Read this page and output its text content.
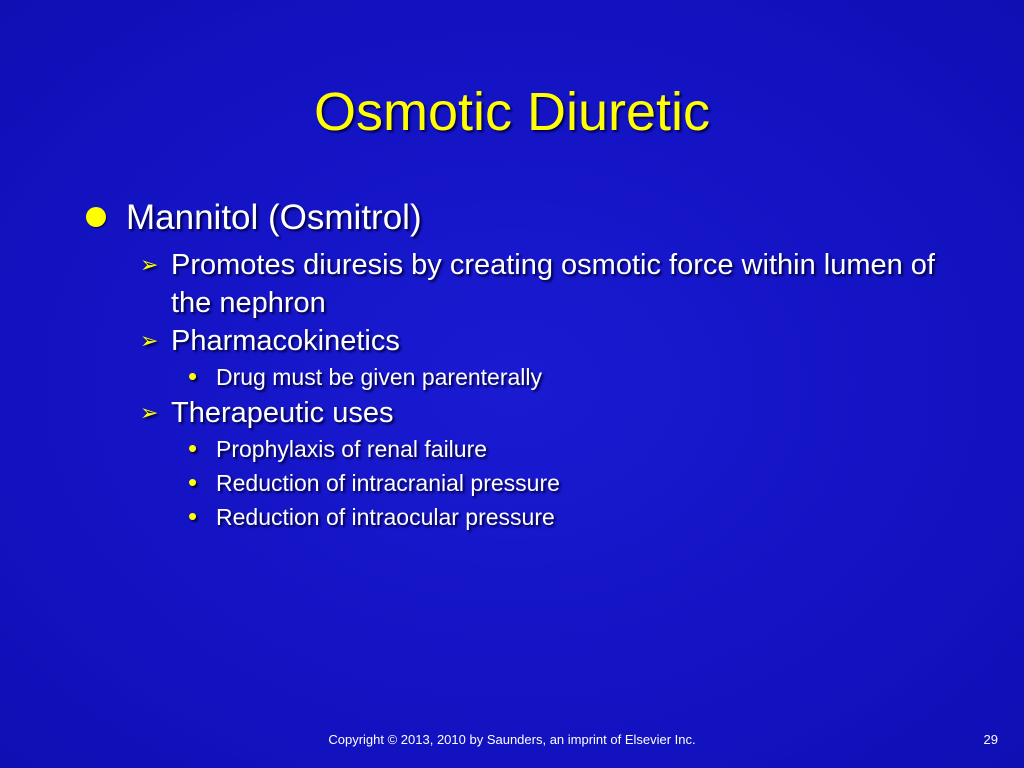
Osmotic Diuretic
Mannitol (Osmitrol)
➢ Promotes diuresis by creating osmotic force within lumen of the nephron
➢ Pharmacokinetics
• Drug must be given parenterally
➢ Therapeutic uses
• Prophylaxis of renal failure
• Reduction of intracranial pressure
• Reduction of intraocular pressure
Copyright © 2013, 2010 by Saunders, an imprint of Elsevier Inc.	29
